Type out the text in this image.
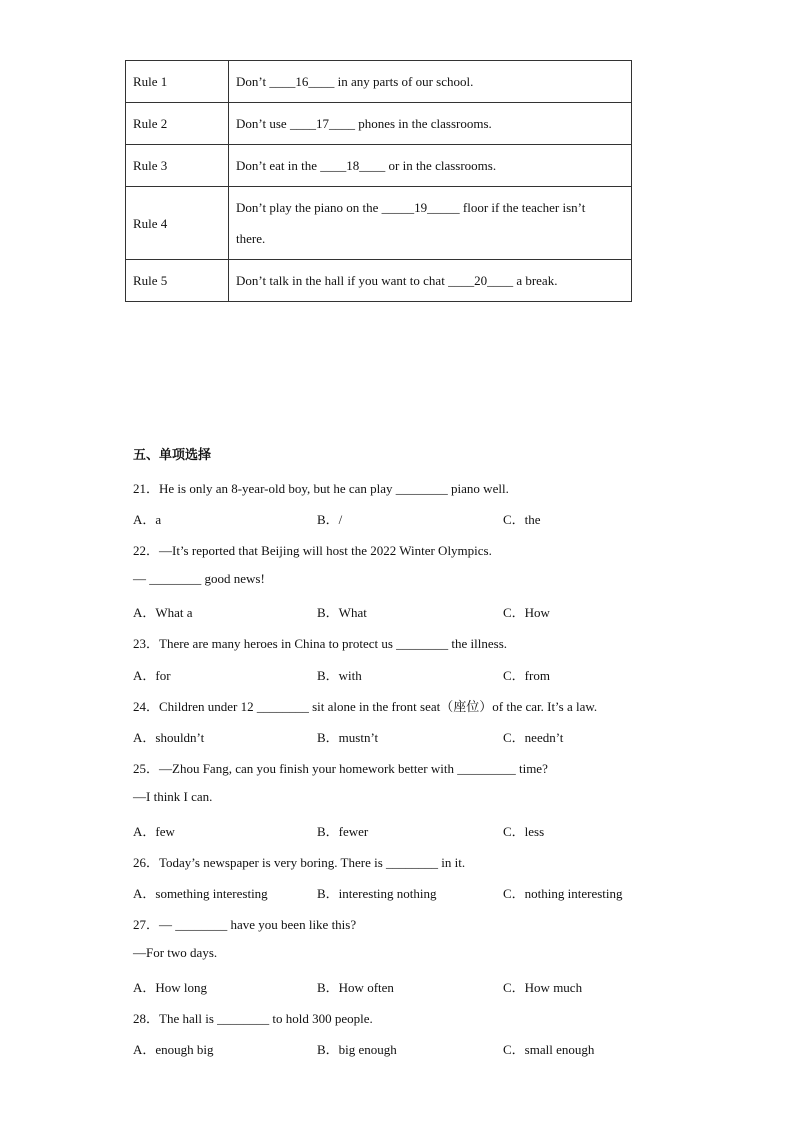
Rule 1	Don’t ____16____ in any parts of our school.
Rule 2	Don’t use ____17____ phones in the classrooms.
Rule 3	Don’t eat in the ____18____ or in the classrooms.
Rule 4	Don’t play the piano on the _____19_____ floor if the teacher isn’t
there.
Rule 5	Don’t talk in the hall if you want to chat ____20____ a break.
五、单项选择
21．He is only an 8-year-old boy, but he can play ________ piano well.
A．a	B．/	C．the
22．—It’s reported that Beijing will host the 2022 Winter Olympics.
— ________ good news!
A．What a	B．What	C．How
23．There are many heroes in China to protect us ________ the illness.
A．for	B．with	C．from
24．Children under 12 ________ sit alone in the front seat（座位）of the car. It’s a law.
A．shouldn’t	B．mustn’t	C．needn’t
25．—Zhou Fang, can you finish your homework better with _________ time?
—I think I can.
A．few	B．fewer	C．less
26．Today’s newspaper is very boring. There is ________ in it.
A．something interesting	B．interesting nothing	C．nothing interesting
27．— ________ have you been like this?
—For two days.
A．How long	B．How often	C．How much
28．The hall is ________ to hold 300 people.
A．enough big	B．big enough	C．small enough
